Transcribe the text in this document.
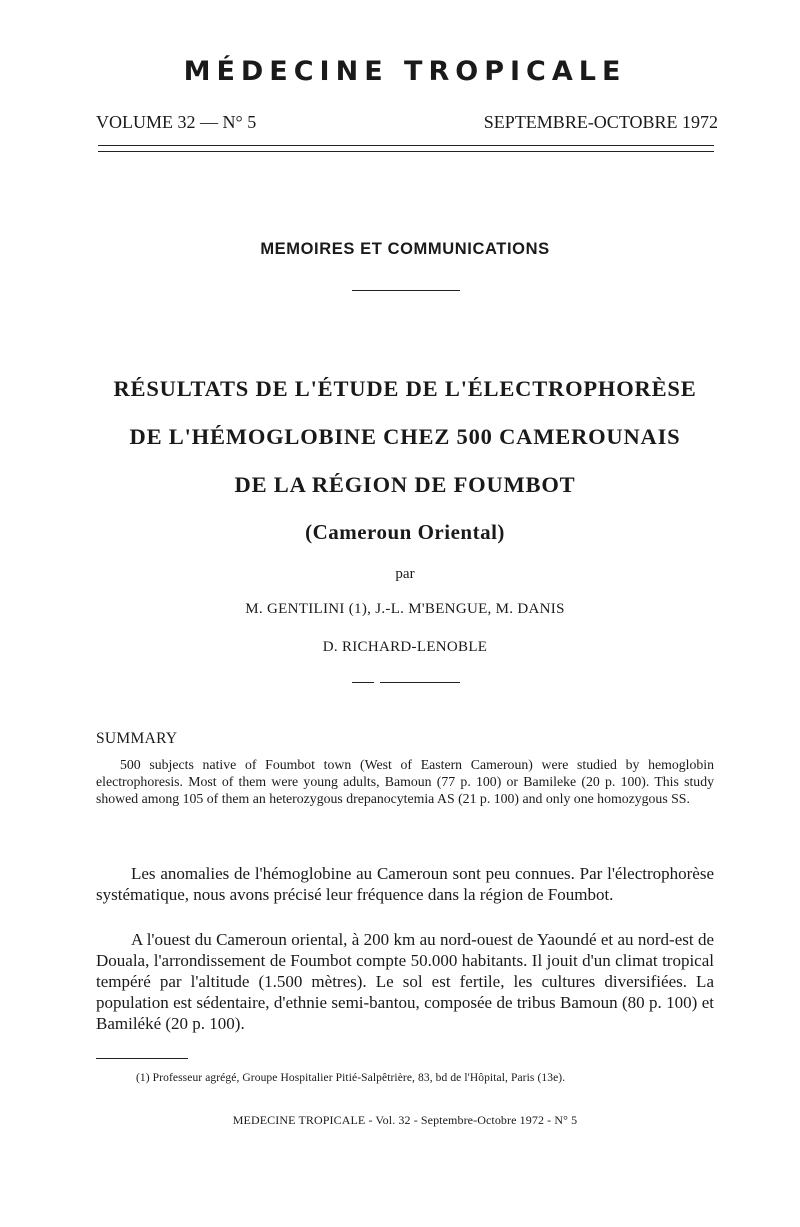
MÉDECINE TROPICALE
VOLUME 32 — N° 5	SEPTEMBRE-OCTOBRE 1972
MEMOIRES ET COMMUNICATIONS
RÉSULTATS DE L'ÉTUDE DE L'ÉLECTROPHORÈSE
DE L'HÉMOGLOBINE CHEZ 500 CAMEROUNAIS
DE LA RÉGION DE FOUMBOT
(Cameroun Oriental)
par
M. GENTILINI (1), J.-L. M'BENGUE, M. DANIS
D. RICHARD-LENOBLE
SUMMARY
500 subjects native of Foumbot town (West of Eastern Cameroun) were studied by hemoglobin electrophoresis. Most of them were young adults, Bamoun (77 p. 100) or Bamileke (20 p. 100). This study showed among 105 of them an heterozygous drepanocytemia AS (21 p. 100) and only one homozygous SS.
Les anomalies de l'hémoglobine au Cameroun sont peu connues. Par l'électrophorèse systématique, nous avons précisé leur fréquence dans la région de Foumbot.
A l'ouest du Cameroun oriental, à 200 km au nord-ouest de Yaoundé et au nord-est de Douala, l'arrondissement de Foumbot compte 50.000 habitants. Il jouit d'un climat tropical tempéré par l'altitude (1.500 mètres). Le sol est fertile, les cultures diversifiées. La population est sédentaire, d'ethnie semi-bantou, composée de tribus Bamoun (80 p. 100) et Bamiléké (20 p. 100).
(1) Professeur agrégé, Groupe Hospitalier Pitié-Salpêtrière, 83, bd de l'Hôpital, Paris (13e).
MEDECINE TROPICALE - Vol. 32 - Septembre-Octobre 1972 - N° 5
